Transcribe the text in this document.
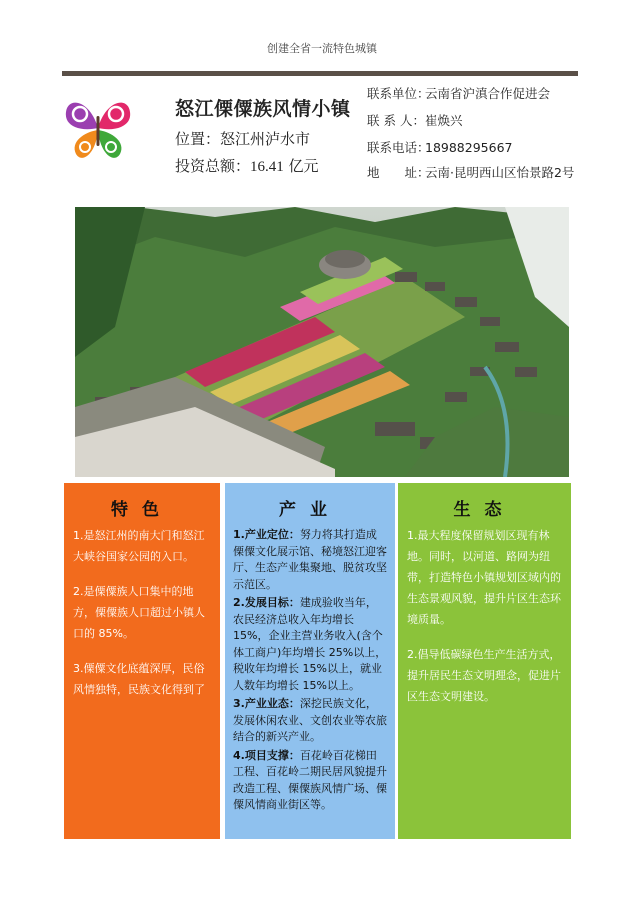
创建全省一流特色城镇
怒江傈僳族风情小镇
位置：怒江州泸水市
投资总额：16.41 亿元
联系单位：云南省沪滇合作促进会
联 系 人：崔焕兴
联系电话：18988295667
地　　址：云南·昆明西山区怡景路2号
特色

1.是怒江州的南大门和怒江大峡谷国家公园的入口。

2.是傈僳族人口集中的地方，傈僳族人口超过小镇人口的 85%。

3.傈僳文化底蕴深厚，民俗风情独特，民族文化得到了

产业

1.产业定位：努力将其打造成傈僳文化展示馆、秘境怒江迎客厅、生态产业集聚地、脱贫攻坚示范区。

2.发展目标：建成验收当年，农民经济总收入年均增长 15%，企业主营业务收入(含个体工商户)年均增长 25%以上，税收年均增长 15%以上，就业人数年均增长 15%以上。

3.产业业态：深挖民族文化，发展休闲农业、文创农业等农旅结合的新兴产业。

4.项目支撑：百花岭百花梯田工程、百花岭二期民居风貌提升改造工程、傈僳族风情广场、傈僳风情商业街区等。

生态

1.最大程度保留规划区现有林地。同时，以河道、路网为纽带，打造特色小镇规划区域内的生态景观风貌，提升片区生态环境质量。

2.倡导低碳绿色生产生活方式，提升居民生态文明理念，促进片区生态文明建设。
